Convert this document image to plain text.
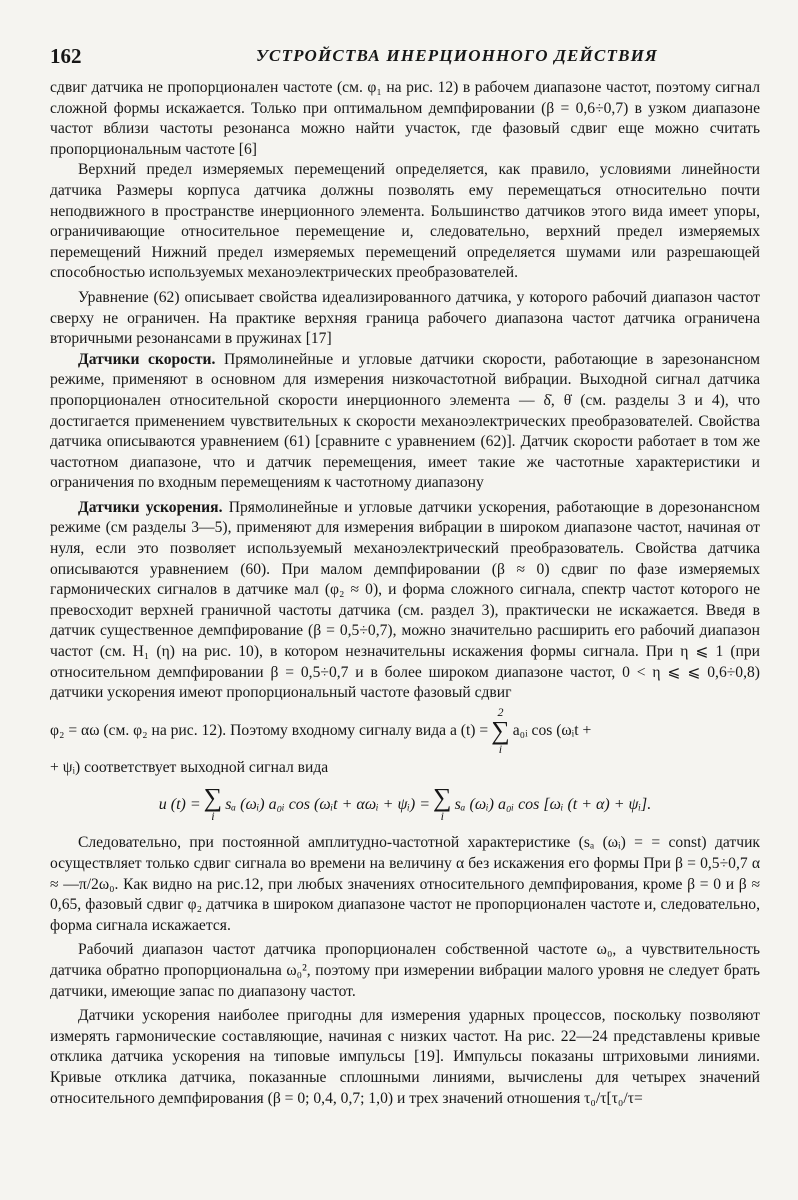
162	УСТРОЙСТВА ИНЕРЦИОННОГО ДЕЙСТВИЯ

сдвиг датчика не пропорционален частоте (см. φ₁ на рис. 12) в рабочем диапазоне частот, поэтому сигнал сложной формы искажается. Только при оптимальном демпфировании (β = 0,6÷0,7) в узком диапазоне частот вблизи частоты резонанса можно найти участок, где фазовый сдвиг еще можно считать пропорциональным частоте [6]

Верхний предел измеряемых перемещений определяется, как правило, условиями линейности датчика Размеры корпуса датчика должны позволять ему перемещаться относительно почти неподвижного в пространстве инерционного элемента. Большинство датчиков этого вида имеет упоры, ограничивающие относительное перемещение и, следовательно, верхний предел измеряемых перемещений Нижний предел измеряемых перемещений определяется шумами или разрешающей способностью используемых механоэлектрических преобразователей.

Уравнение (62) описывает свойства идеализированного датчика, у которого рабочий диапазон частот сверху не ограничен. На практике верхняя граница рабочего диапазона частот датчика ограничена вторичными резонансами в пружинах [17]

Датчики скорости. Прямолинейные и угловые датчики скорости, работающие в зарезонансном режиме, применяют в основном для измерения низкочастотной вибрации. Выходной сигнал датчика пропорционален относительной скорости инерционного элемента — δ̇, θ̇ (см. разделы 3 и 4), что достигается применением чувствительных к скорости механоэлектрических преобразователей. Свойства датчика описываются уравнением (61) [сравните с уравнением (62)]. Датчик скорости работает в том же частотном диапазоне, что и датчик перемещения, имеет такие же частотные характеристики и ограничения по входным перемещениям к частотному диапазону

Датчики ускорения. Прямолинейные и угловые датчики ускорения, работающие в дорезонансном режиме (см разделы 3—5), применяют для измерения вибрации в широком диапазоне частот, начиная от нуля, если это позволяет используемый механоэлектрический преобразователь. Свойства датчика описываются уравнением (60). При малом демпфировании (β ≈ 0) сдвиг по фазе измеряемых гармонических сигналов в датчике мал (φ₂ ≈ 0), и форма сложного сигнала, спектр частот которого не превосходит верхней граничной частоты датчика (см. раздел 3), практически не искажается. Введя в датчик существенное демпфирование (β = 0,5÷0,7), можно значительно расширить его рабочий диапазон частот (см. H₁ (η) на рис. 10), в котором незначительны искажения формы сигнала. При η ⩽ 1 (при относительном демпфировании β = 0,5÷0,7 и в более широком диапазоне частот, 0 < η ⩽ ⩽ 0,6÷0,8) датчики ускорения имеют пропорциональный частоте фазовый сдвиг

φ₂ = αω (см. φ₂ на рис. 12). Поэтому входному сигналу вида a (t) =
2
∑
i
a₀ᵢ cos (ωᵢt +

+ ψᵢ) соответствует выходной сигнал вида

u (t) = ∑
i
sₐ (ωᵢ) a₀ᵢ cos (ωᵢt + αωᵢ + ψᵢ) = ∑
i
sₐ (ωᵢ) a₀ᵢ cos [ωᵢ (t + α) + ψᵢ].

Следовательно, при постоянной амплитудно-частотной характеристике (sₐ (ωᵢ) = = const) датчик осуществляет только сдвиг сигнала во времени на величину α без искажения его формы При β = 0,5÷0,7 α ≈ —π/2ω₀. Как видно на рис.12, при любых значениях относительного демпфирования, кроме β = 0 и β ≈ 0,65, фазовый сдвиг φ₂ датчика в широком диапазоне частот не пропорционален частоте и, следовательно, форма сигнала искажается.

Рабочий диапазон частот датчика пропорционален собственной частоте ω₀, а чувствительность датчика обратно пропорциональна ω₀², поэтому при измерении вибрации малого уровня не следует брать датчики, имеющие запас по диапазону частот.

Датчики ускорения наиболее пригодны для измерения ударных процессов, поскольку позволяют измерять гармонические составляющие, начиная с низких частот. На рис. 22—24 представлены кривые отклика датчика ускорения на типовые импульсы [19]. Импульсы показаны штриховыми линиями. Кривые отклика датчика, показанные сплошными линиями, вычислены для четырех значений относительного демпфирования (β = 0; 0,4, 0,7; 1,0) и трех значений отношения τ₀/τ[τ₀/τ=
